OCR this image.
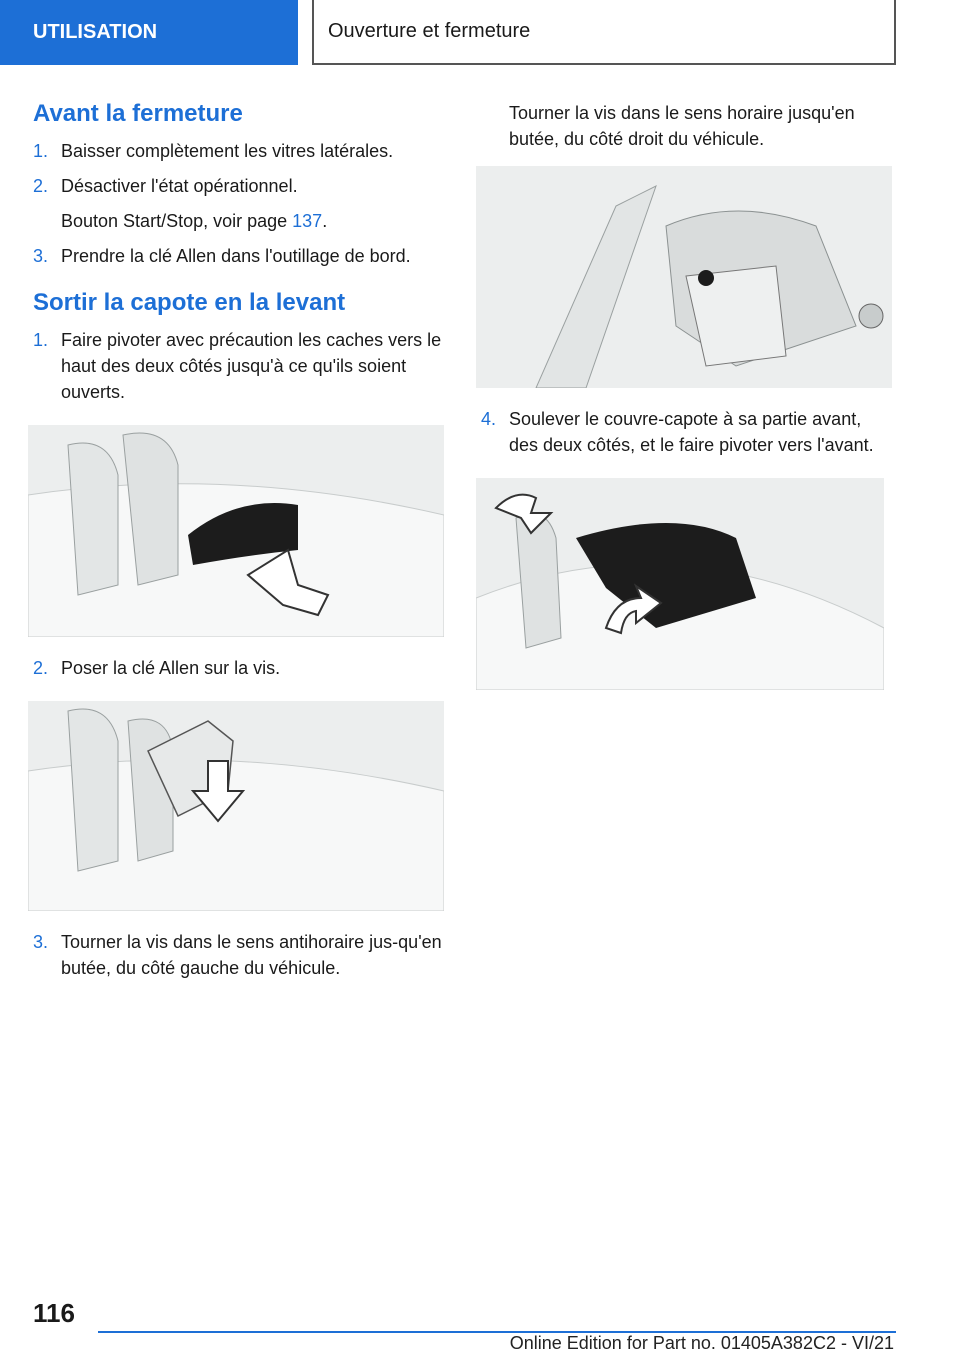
UTILISATION	Ouverture et fermeture
Avant la fermeture
1. Baisser complètement les vitres latérales.
2. Désactiver l'état opérationnel.
Bouton Start/Stop, voir page 137.
3. Prendre la clé Allen dans l'outillage de bord.
Sortir la capote en la levant
1. Faire pivoter avec précaution les caches vers le haut des deux côtés jusqu'à ce qu'ils soient ouverts.
2. Poser la clé Allen sur la vis.
3. Tourner la vis dans le sens antihoraire jus-qu'en butée, du côté gauche du véhicule.
Tourner la vis dans le sens horaire jusqu'en butée, du côté droit du véhicule.
4. Soulever le couvre-capote à sa partie avant, des deux côtés, et le faire pivoter vers l'avant.
116
Online Edition for Part no. 01405A382C2 - VI/21
